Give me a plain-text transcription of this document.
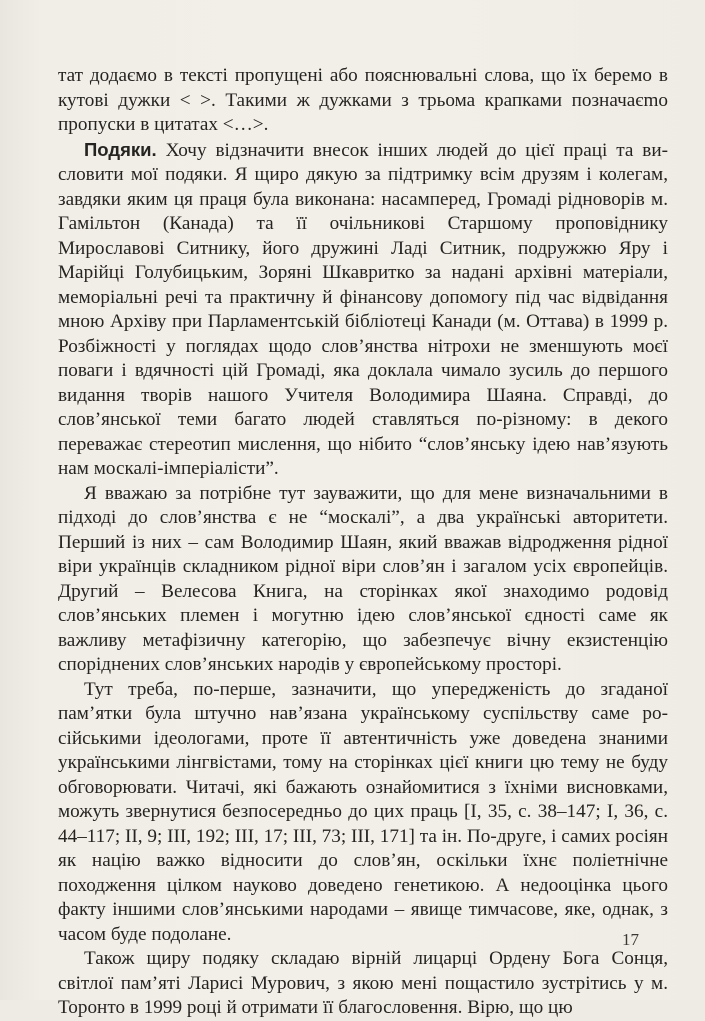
тат додаємо в тексті пропущені або пояснювальні слова, що їх беремо в кутові дужки < >. Такими ж дужками з трьома крапками позначаєmо пропуски в цитатах <…>.

Подяки. Хочу відзначити внесок інших людей до цієї праці та висловити мої подяки. Я щиро дякую за підтримку всім друзям і колегам, завдяки яким ця праця була виконана: насамперед, Громаді рідноворів м. Гамільтон (Канада) та її очільникові Старшому проповіднику Мирославові Ситнику, його дружині Ладі Ситник, подружжю Яру і Марійці Голубицьким, Зоряні Шкавритко за надані архівні матеріали, меморіальні речі та практичну й фінансову допомогу під час відвідання мною Архіву при Парламентській бібліотеці Канади (м. Оттава) в 1999 р. Розбіжності у поглядах щодо слов’янства нітрохи не зменшують моєї поваги і вдячності цій Громаді, яка доклала чимало зусиль до першого видання творів нашого Учителя Володимира Шаяна. Справді, до слов’янської теми багато людей ставляться по-різному: в декого переважає стереотип мислення, що нібито “слов’янську ідею нав’язують нам москалі-імперіалісти”.

Я вважаю за потрібне тут зауважити, що для мене визначальними в підході до слов’янства є не “москалі”, а два українські авторитети. Перший із них – сам Володимир Шаян, який вважав відродження рідної віри українців складником рідної віри слов’ян і загалом усіх європейців. Другий – Велесова Книга, на сторінках якої знаходимо родовід слов’янських племен і могутню ідею слов’янської єдності саме як важливу метафізичну категорію, що забезпечує вічну екзистенцію споріднених слов’янських народів у європейському просторі.

Тут треба, по-перше, зазначити, що упередженість до згаданої пам’ятки була штучно нав’язана українському суспільству саме російськими ідеологами, проте її автентичність уже доведена знаними українськими лінгвістами, тому на сторінках цієї книги цю тему не буду обговорювати. Читачі, які бажають ознайомитися з їхніми висновками, можуть звернутися безпосередньо до цих праць [І, 35, с. 38–147; І, 36, с. 44–117; ІІ, 9; ІІІ, 192; ІІІ, 17; ІІІ, 73; ІІІ, 171] та ін. По-друге, і самих росіян як націю важко відносити до слов’ян, оскільки їхнє поліетнічне походження цілком науково доведено генетикою. А недооцінка цього факту іншими слов’янськими народами – явище тимчасове, яке, однак, з часом буде подолане.

Також щиру подяку складаю вірній лицарці Ордену Бога Сонця, світлої пам’яті Ларисі Мурович, з якою мені пощастило зустрітись у м. Торонто в 1999 році й отримати її благословення. Вірю, що цю

17
